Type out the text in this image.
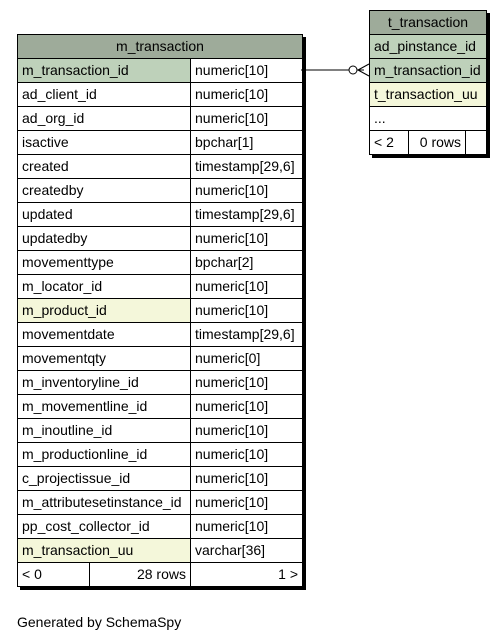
m_transaction
m_transaction_id	numeric[10]
ad_client_id	numeric[10]
ad_org_id	numeric[10]
isactive	bpchar[1]
created	timestamp[29,6]
createdby	numeric[10]
updated	timestamp[29,6]
updatedby	numeric[10]
movementtype	bpchar[2]
m_locator_id	numeric[10]
m_product_id	numeric[10]
movementdate	timestamp[29,6]
movementqty	numeric[0]
m_inventoryline_id	numeric[10]
m_movementline_id	numeric[10]
m_inoutline_id	numeric[10]
m_productionline_id	numeric[10]
c_projectissue_id	numeric[10]
m_attributesetinstance_id numeric[10]
pp_cost_collector_id	numeric[10]
m_transaction_uu	varchar[36]
< 0	28 rows	1 >
t_transaction
ad_pinstance_id
m_transaction_id
t_transaction_uu
...
< 2	0 rows
Generated by SchemaSpy
